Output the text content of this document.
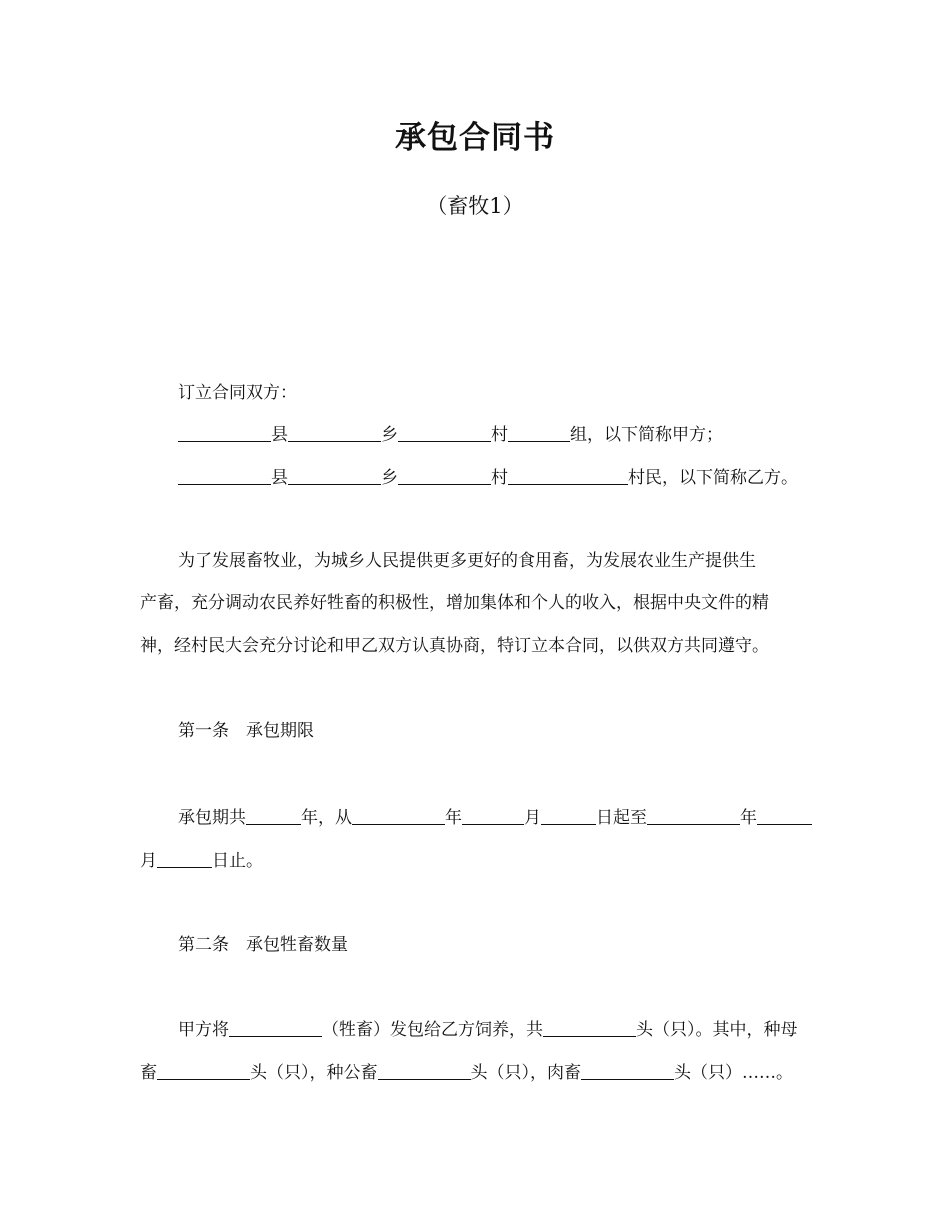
承包合同书
（畜牧1）
订立合同双方：
县	乡	村	组，以下简称甲方；
县	乡	村	村民，以下简称乙方。
为了发展畜牧业，为城乡人民提供更多更好的食用畜，为发展农业生产提供生
产畜，充分调动农民养好牲畜的积极性，增加集体和个人的收入，根据中央文件的精
神，经村民大会充分讨论和甲乙双方认真协商，特订立本合同，以供双方共同遵守。
第一条　承包期限
承包期共	年，从	年	月	日起至	年
月	日止。
第二条　承包牲畜数量
甲方将	（牲畜）发包给乙方饲养，共	头（只）。其中，种母
畜	头（只），种公畜	头（只），肉畜	头（只）……。
